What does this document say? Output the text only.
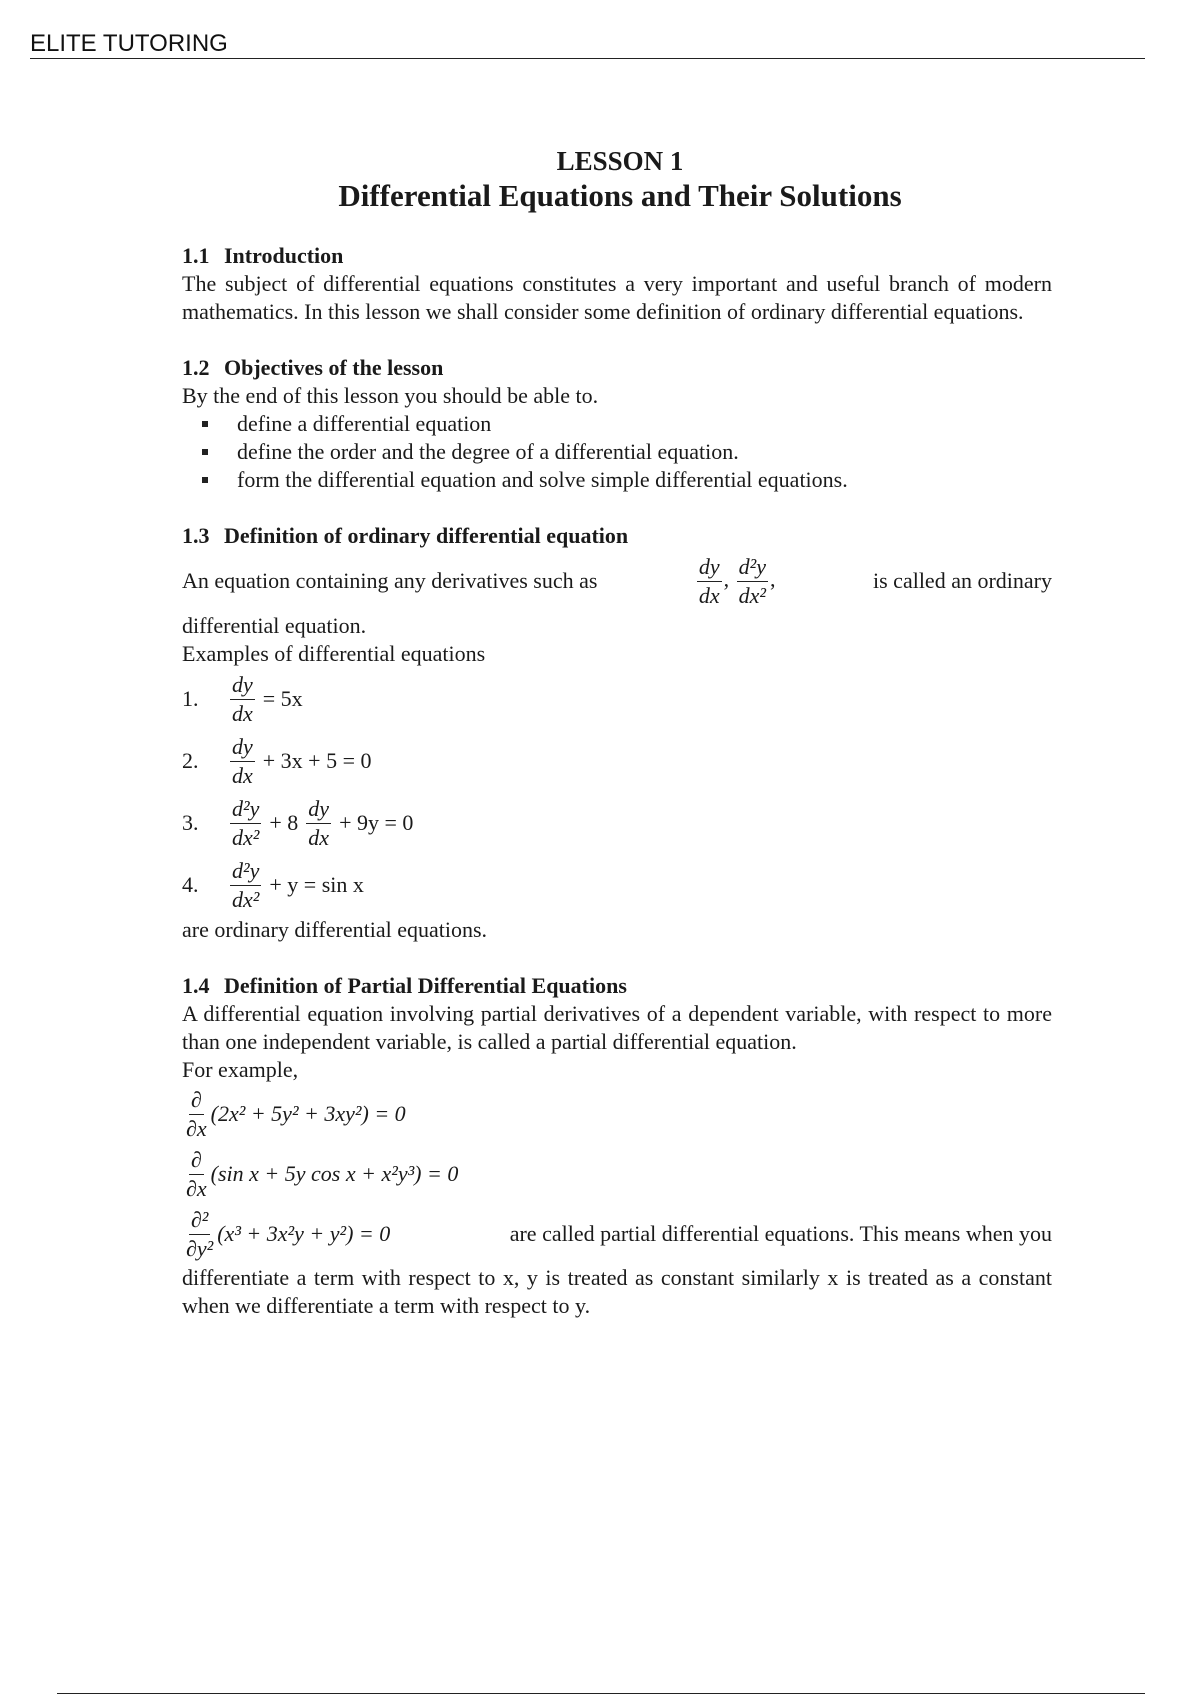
ELITE TUTORING
LESSON 1
Differential Equations and Their Solutions
1.1 Introduction

The subject of differential equations constitutes a very important and useful branch of modern mathematics. In this lesson we shall consider some definition of ordinary differential equations.

1.2 Objectives of the lesson

By the end of this lesson you should be able to.

define a differential equation
define the order and the degree of a differential equation.
form the differential equation and solve simple differential equations.
1.3 Definition of ordinary differential equation
An equation containing any derivatives such as	$\frac{dy}{dx}$ , $\frac{\text{d²y}}{\text{dx²}}$ ,	is called an ordinary

differential equation.

Examples of differential equations

1.	$\frac{dy}{dx} = 5x$
2.	$\frac{dy}{dx} + 3x + 5 = 0$
3.	$\frac{\text{d²y}}{\text{dx²}} + 8 \frac{dy}{dx} + 9y = 0$
4.	$\frac{\text{d²y}}{\text{dx²}} + y = \sin x$

are ordinary differential equations.

1.4 Definition of Partial Differential Equations

A differential equation involving partial derivatives of a dependent variable, with respect to more than one independent variable, is called a partial differential equation.

For example,

$\frac{\partial}{\partial x} (2x^2 + 5y^2 + 3xy^2) = 0$
$\frac{\partial}{\partial x} (\sin$ x + 5y cos x + x²y³) = 0
$\frac{\text{∂²}}{\text{∂y²}} (x^3 + 3x^2y + y^2) = 0$	are called partial differential equations. This means when you

differentiate a term with respect to x, y is treated as constant similarly x is treated as a constant when we differentiate a term with respect to y.
